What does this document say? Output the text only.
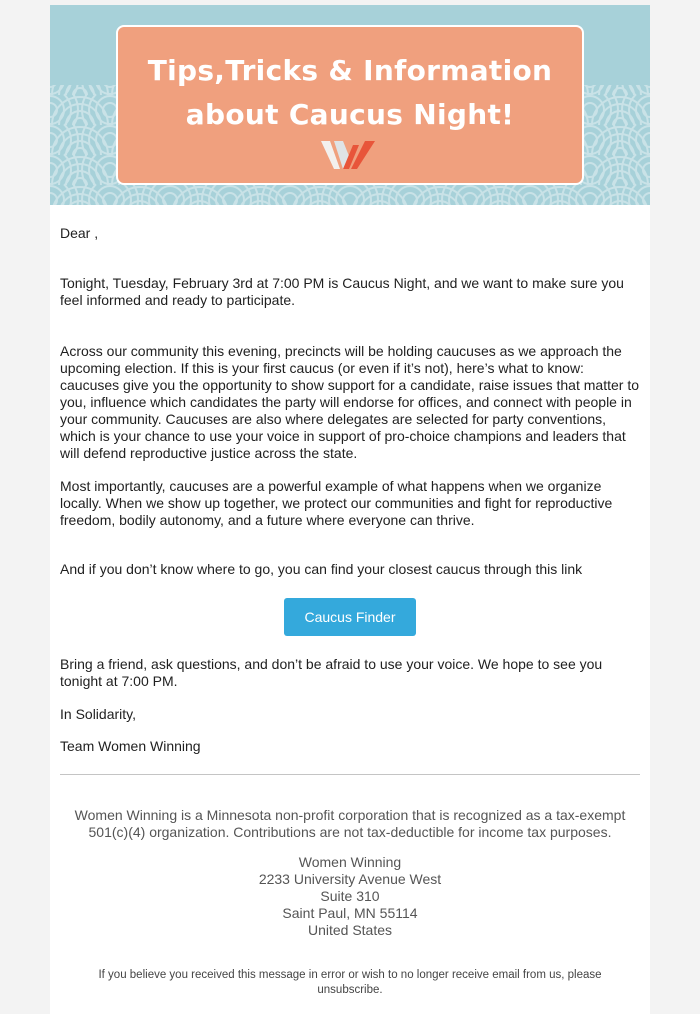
Tips,Tricks & Information
about Caucus Night!
Dear ,
Tonight, Tuesday, February 3rd at 7:00 PM is Caucus Night, and we want to make sure you feel informed and ready to participate.
Across our community this evening, precincts will be holding caucuses as we approach the upcoming election. If this is your first caucus (or even if it’s not), here’s what to know: caucuses give you the opportunity to show support for a candidate, raise issues that matter to you, influence which candidates the party will endorse for offices, and connect with people in your community. Caucuses are also where delegates are selected for party conventions, which is your chance to use your voice in support of pro-choice champions and leaders that will defend reproductive justice across the state.
Most importantly, caucuses are a powerful example of what happens when we organize locally. When we show up together, we protect our communities and fight for reproductive freedom, bodily autonomy, and a future where everyone can thrive.
And if you don’t know where to go, you can find your closest caucus through this link
Caucus Finder
Bring a friend, ask questions, and don’t be afraid to use your voice. We hope to see you tonight at 7:00 PM.
In Solidarity,
Team Women Winning
Women Winning is a Minnesota non-profit corporation that is recognized as a tax-exempt 501(c)(4) organization. Contributions are not tax-deductible for income tax purposes.
Women Winning
2233 University Avenue West
Suite 310
Saint Paul, MN 55114
United States
If you believe you received this message in error or wish to no longer receive email from us, please unsubscribe.
